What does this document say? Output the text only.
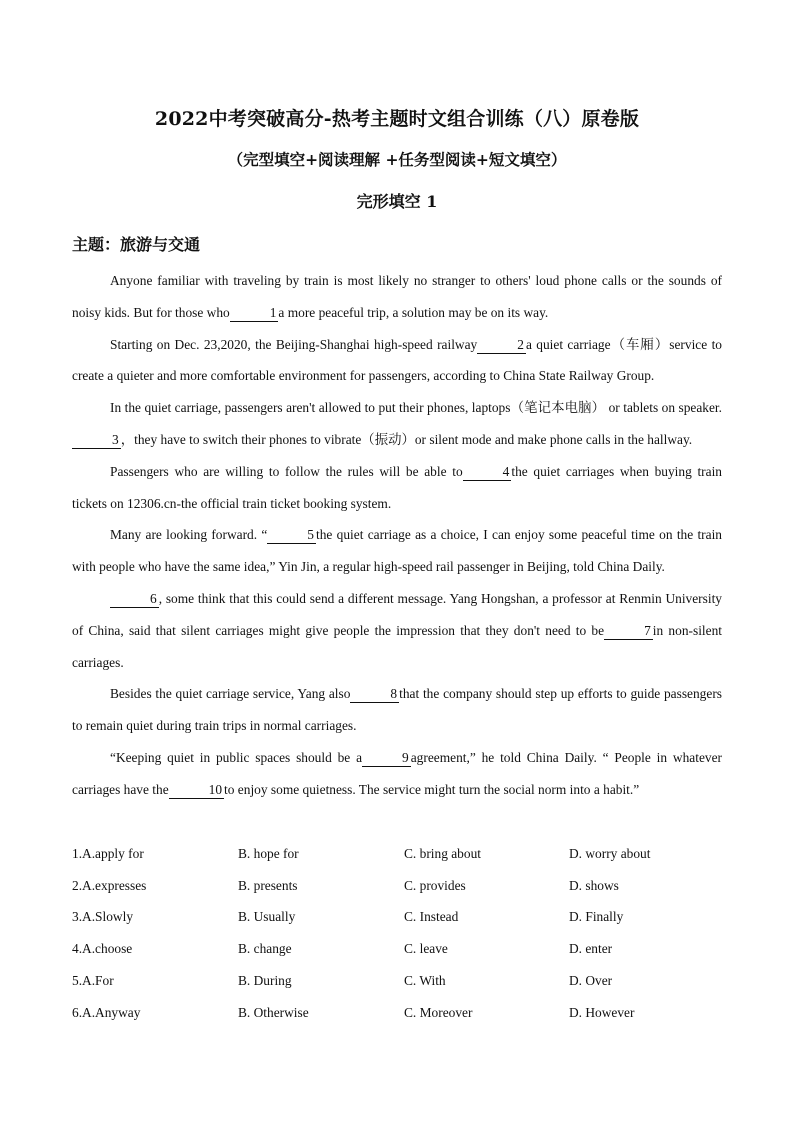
2022中考突破高分-热考主题时文组合训练（八）原卷版
（完型填空+阅读理解 +任务型阅读+短文填空）
完形填空 1
主题：旅游与交通

Anyone familiar with traveling by train is most likely no stranger to others' loud phone calls or the sounds of noisy kids. But for those who	1 a more peaceful trip, a solution may be on its way.

Starting on Dec. 23,2020, the Beijing-Shanghai high-speed railway	2 a quiet carriage（车厢）service to create a quieter and more comfortable environment for passengers, according to China State Railway Group.

In the quiet carriage, passengers aren't allowed to put their phones, laptops（笔记本电脑） or tablets on speaker.3 ，they have to switch their phones to vibrate（振动）or silent mode and make phone calls in the hallway.

Passengers who are willing to follow the rules will be able to	4 the quiet carriages when buying train tickets on 12306.cn-the official train ticket booking system.

Many are looking forward. “	5 the quiet carriage as a choice, I can enjoy some peaceful time on the train with people who have the same idea,” Yin Jin, a regular high-speed rail passenger in Beijing, told China Daily.

6 , some think that this could send a different message. Yang Hongshan, a professor at Renmin University of China, said that silent carriages might give people the impression that they don't need to be	7 in non-silent carriages.

Besides the quiet carriage service, Yang also	8 that the company should step up efforts to guide passengers to remain quiet during train trips in normal carriages.

“Keeping quiet in public spaces should be a	9 agreement,” he told China Daily. “ People in whatever carriages have the	10 to enjoy some quietness. The service might turn the social norm into a habit.”

1.A.apply for	B. hope for	C. bring about	D. worry about
2.A.expresses	B. presents	C. provides	D. shows
3.A.Slowly	B. Usually	C. Instead	D. Finally
4.A.choose	B. change	C. leave	D. enter
5.A.For	B. During	C. With	D. Over
6.A.Anyway	B. Otherwise	C. Moreover	D. However
